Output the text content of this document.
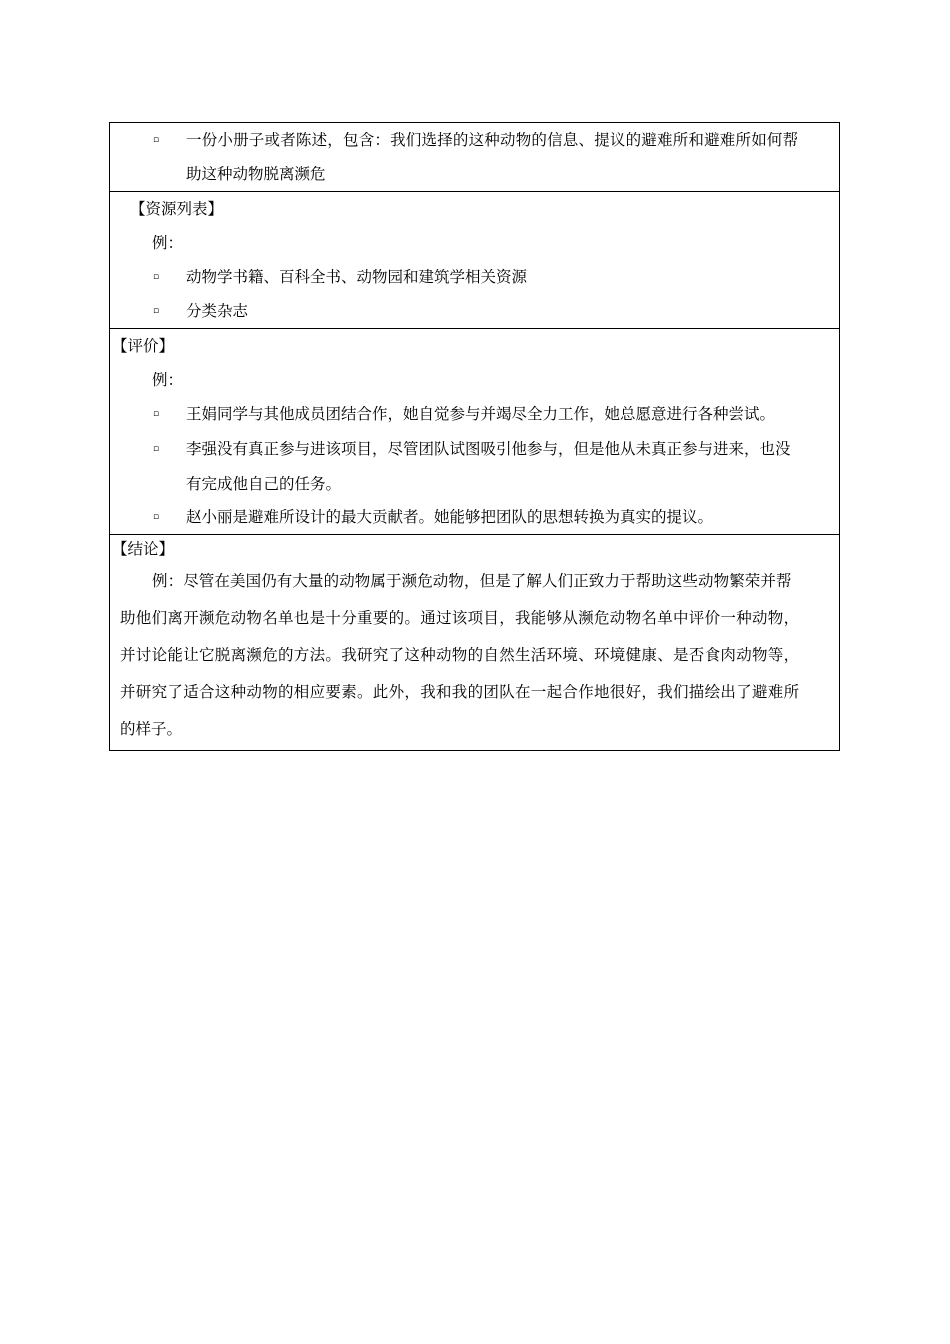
▫	一份小册子或者陈述，包含：我们选择的这种动物的信息、提议的避难所和避难所如何帮
助这种动物脱离濒危
【资源列表】
例：
▫	动物学书籍、百科全书、动物园和建筑学相关资源
▫	分类杂志
【评价】
例：
▫	王娟同学与其他成员团结合作，她自觉参与并竭尽全力工作，她总愿意进行各种尝试。
▫	李强没有真正参与进该项目，尽管团队试图吸引他参与，但是他从未真正参与进来，也没
有完成他自己的任务。
▫	赵小丽是避难所设计的最大贡献者。她能够把团队的思想转换为真实的提议。
【结论】
例：尽管在美国仍有大量的动物属于濒危动物，但是了解人们正致力于帮助这些动物繁荣并帮
助他们离开濒危动物名单也是十分重要的。通过该项目，我能够从濒危动物名单中评价一种动物，
并讨论能让它脱离濒危的方法。我研究了这种动物的自然生活环境、环境健康、是否食肉动物等，
并研究了适合这种动物的相应要素。此外，我和我的团队在一起合作地很好，我们描绘出了避难所
的样子。
